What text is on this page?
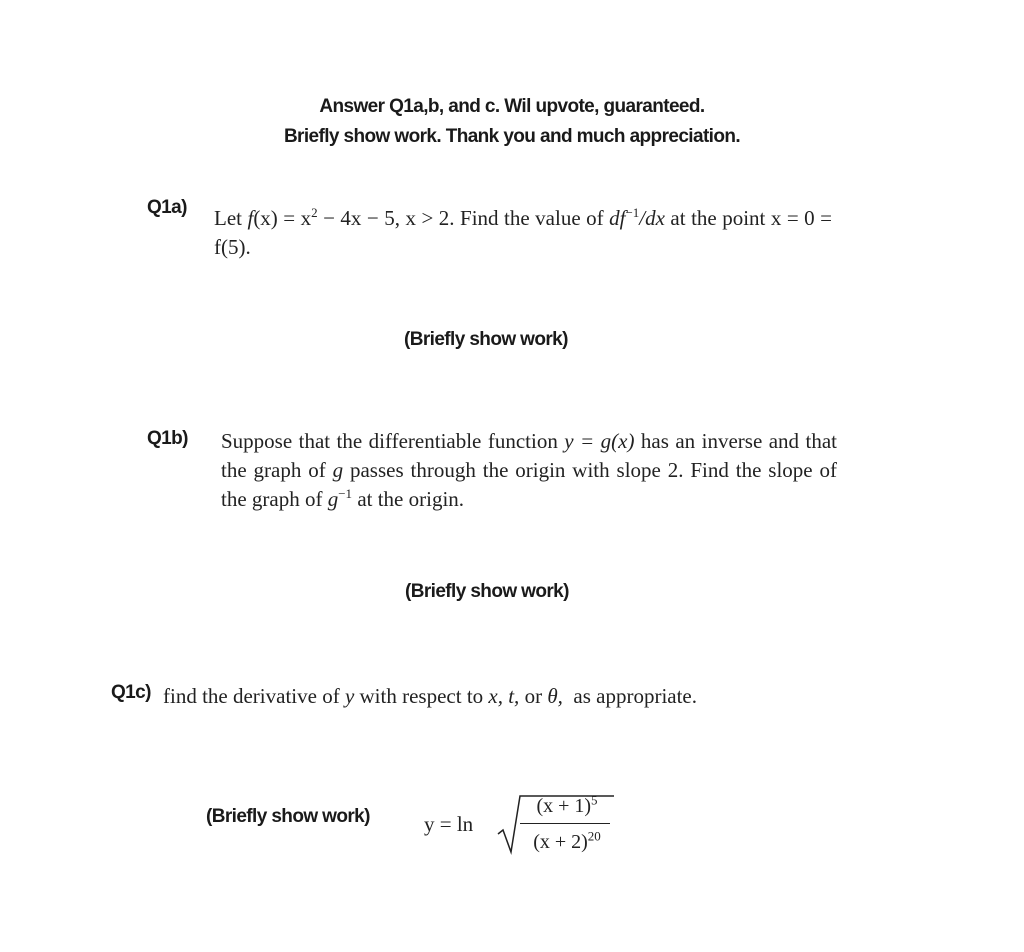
Answer Q1a,b, and c. Wil upvote, guaranteed.
Briefly show work. Thank you and much appreciation.
Q1a) Let $f(x) = x^2 - 4x - 5$, x > 2. Find the value of $df^{-1}/dx$ at the point x = 0 = f(5).
(Briefly show work)
Q1b) Suppose that the differentiable function y = g(x) has an inverse and that the graph of g passes through the origin with slope 2. Find the slope of the graph of $g^{-1}$ at the origin.
(Briefly show work)
Q1c) find the derivative of y with respect to x, t, or θ,  as appropriate.
(Briefly show work)	y = ln
$(x + 1)^5$
$(x + 2)^{20}$
